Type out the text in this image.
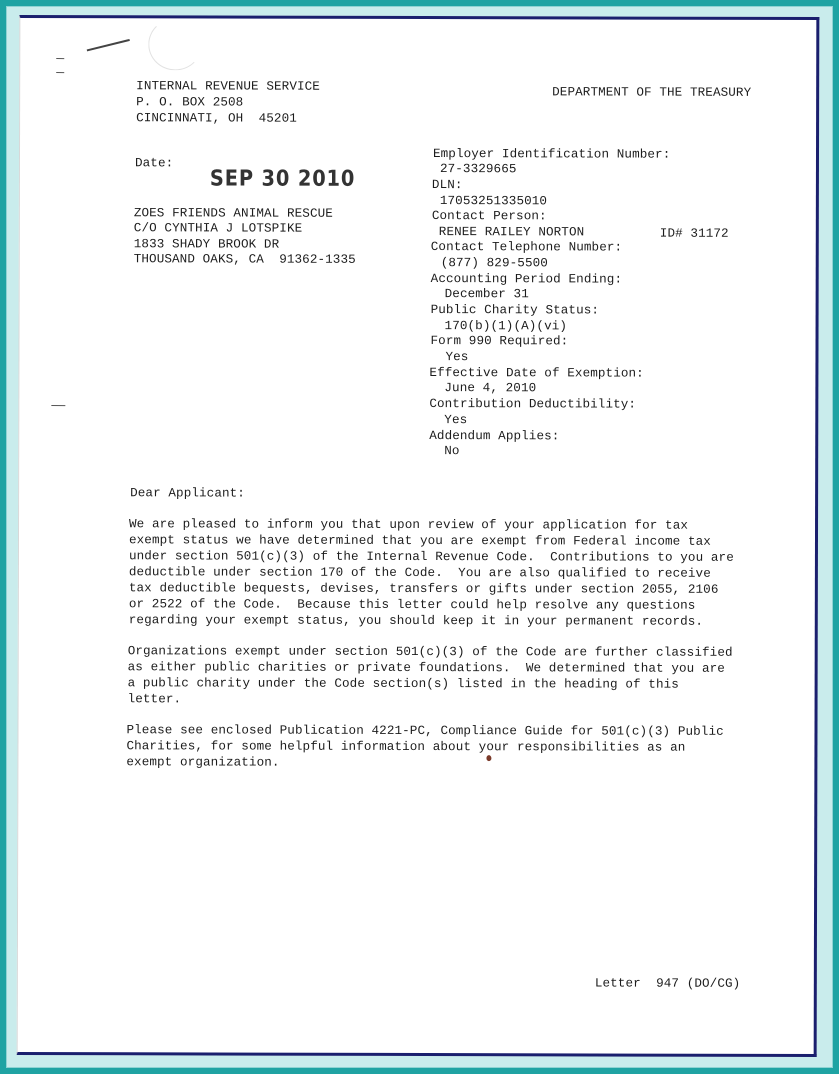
INTERNAL REVENUE SERVICE
P. O. BOX 2508
CINCINNATI, OH  45201
DEPARTMENT OF THE TREASURY
Date:
SEP 30 2010
ZOES FRIENDS ANIMAL RESCUE
C/O CYNTHIA J LOTSPIKE
1833 SHADY BROOK DR
THOUSAND OAKS, CA  91362-1335
Employer Identification Number:
27-3329665
DLN:
17053251335010
Contact Person:
RENEE RAILEY NORTON	ID# 31172
Contact Telephone Number:
(877) 829-5500
Accounting Period Ending:
December 31
Public Charity Status:
170(b)(1)(A)(vi)
Form 990 Required:
Yes
Effective Date of Exemption:
June 4, 2010
Contribution Deductibility:
Yes
Addendum Applies:
No
Dear Applicant:
We are pleased to inform you that upon review of your application for tax
exempt status we have determined that you are exempt from Federal income tax
under section 501(c)(3) of the Internal Revenue Code.  Contributions to you are
deductible under section 170 of the Code.  You are also qualified to receive
tax deductible bequests, devises, transfers or gifts under section 2055, 2106
or 2522 of the Code.  Because this letter could help resolve any questions
regarding your exempt status, you should keep it in your permanent records.
Organizations exempt under section 501(c)(3) of the Code are further classified
as either public charities or private foundations.  We determined that you are
a public charity under the Code section(s) listed in the heading of this
letter.
Please see enclosed Publication 4221-PC, Compliance Guide for 501(c)(3) Public
Charities, for some helpful information about your responsibilities as an
exempt organization.
Letter  947 (DO/CG)
